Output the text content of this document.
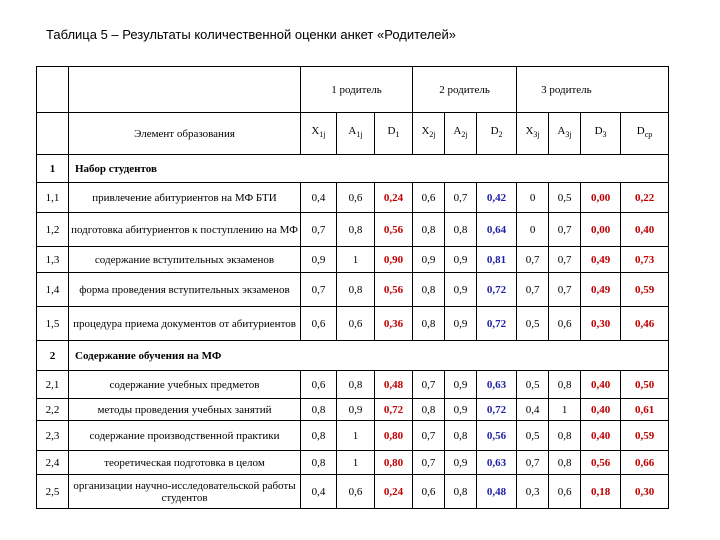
Таблица 5 – Результаты количественной оценки анкет «Родителей»
		1 родитель			2 родитель			3 родитель			
	Элемент образования	$X_{1j}$	$A_{1j}$	$D_1$	$X_{2j}$	$A_{2j}$	$D_2$	$X_{3j}$	$A_{3j}$	$D_3$	$D_{ср}$
1	Набор студентов										
1,1	привлечение абитуриентов на МФ БТИ	0,4	0,6	0,24	0,6	0,7	0,42	0	0,5	0,00	0,22
1,2	подготовка абитуриентов к поступлению на МФ	0,7	0,8	0,56	0,8	0,8	0,64	0	0,7	0,00	0,40
1,3	содержание вступительных экзаменов	0,9	1	0,90	0,9	0,9	0,81	0,7	0,7	0,49	0,73
1,4	форма проведения вступительных экзаменов	0,7	0,8	0,56	0,8	0,9	0,72	0,7	0,7	0,49	0,59
1,5	процедура приема документов от абитуриентов	0,6	0,6	0,36	0,8	0,9	0,72	0,5	0,6	0,30	0,46
2	Содержание обучения на МФ										
2,1	содержание учебных предметов	0,6	0,8	0,48	0,7	0,9	0,63	0,5	0,8	0,40	0,50
2,2	методы проведения учебных занятий	0,8	0,9	0,72	0,8	0,9	0,72	0,4	1	0,40	0,61
2,3	содержание производственной практики	0,8	1	0,80	0,7	0,8	0,56	0,5	0,8	0,40	0,59
2,4	теоретическая подготовка в целом	0,8	1	0,80	0,7	0,9	0,63	0,7	0,8	0,56	0,66
2,5	организации научно-исследовательской работы студентов	0,4	0,6	0,24	0,6	0,8	0,48	0,3	0,6	0,18	0,30
